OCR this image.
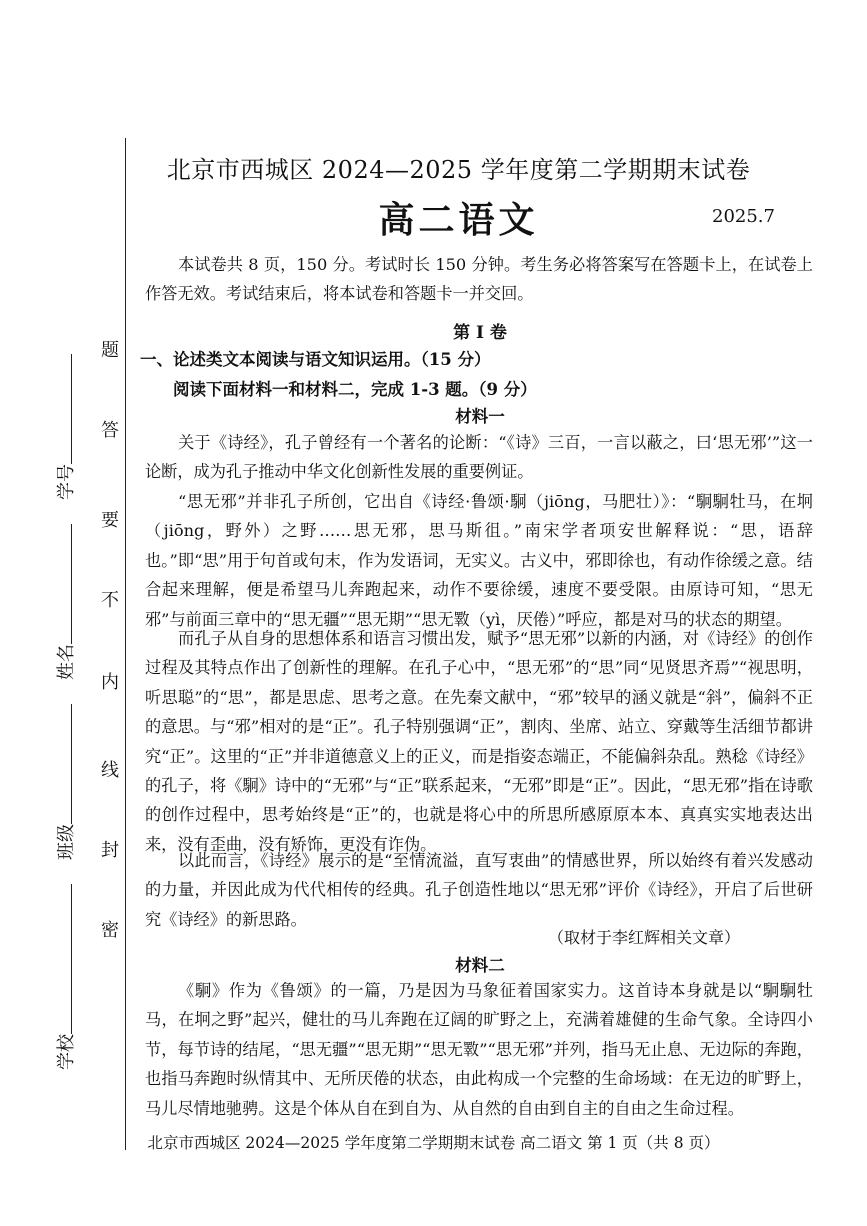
题
答
要
不
内
线
封
密
学号
姓名
班级
学校
北京市西城区 2024—2025 学年度第二学期期末试卷
高二语文	2025.7
本试卷共 8 页，150 分。考试时长 150 分钟。考生务必将答案写在答题卡上，在试卷上作答无效。考试结束后，将本试卷和答题卡一并交回。
第 I 卷
一、论述类文本阅读与语文知识运用。（15 分）
阅读下面材料一和材料二，完成 1-3 题。（9 分）
材料一
关于《诗经》，孔子曾经有一个著名的论断：“《诗》三百，一言以蔽之，曰‘思无邪’”这一论断，成为孔子推动中华文化创新性发展的重要例证。
“思无邪”并非孔子所创，它出自《诗经·鲁颂·駉（jiōng，马肥壮）》：“駉駉牡马，在坰（jiōng，野外）之野……思无邪，思马斯徂。”南宋学者项安世解释说：“思，语辞也。”即“思”用于句首或句末，作为发语词，无实义。古义中，邪即徐也，有动作徐缓之意。结合起来理解，便是希望马儿奔跑起来，动作不要徐缓，速度不要受限。由原诗可知，“思无邪”与前面三章中的“思无疆”“思无期”“思无斁（yì，厌倦）”呼应，都是对马的状态的期望。
而孔子从自身的思想体系和语言习惯出发，赋予“思无邪”以新的内涵，对《诗经》的创作过程及其特点作出了创新性的理解。在孔子心中，“思无邪”的“思”同“见贤思齐焉”“视思明，听思聪”的“思”，都是思虑、思考之意。在先秦文献中，“邪”较早的涵义就是“斜”，偏斜不正的意思。与“邪”相对的是“正”。孔子特别强调“正”，割肉、坐席、站立、穿戴等生活细节都讲究“正”。这里的“正”并非道德意义上的正义，而是指姿态端正，不能偏斜杂乱。熟稔《诗经》的孔子，将《駉》诗中的“无邪”与“正”联系起来，“无邪”即是“正”。因此，“思无邪”指在诗歌的创作过程中，思考始终是“正”的，也就是将心中的所思所感原原本本、真真实实地表达出来，没有歪曲，没有矫饰，更没有诈伪。
以此而言，《诗经》展示的是“至情流溢，直写衷曲”的情感世界，所以始终有着兴发感动的力量，并因此成为代代相传的经典。孔子创造性地以“思无邪”评价《诗经》，开启了后世研究《诗经》的新思路。
（取材于李红辉相关文章）
材料二
《駉》作为《鲁颂》的一篇，乃是因为马象征着国家实力。这首诗本身就是以“駉駉牡马，在坰之野”起兴，健壮的马儿奔跑在辽阔的旷野之上，充满着雄健的生命气象。全诗四小节，每节诗的结尾，“思无疆”“思无期”“思无斁”“思无邪”并列，指马无止息、无边际的奔跑，也指马奔跑时纵情其中、无所厌倦的状态，由此构成一个完整的生命场域：在无边的旷野上，马儿尽情地驰骋。这是个体从自在到自为、从自然的自由到自主的自由之生命过程。
北京市西城区 2024—2025 学年度第二学期期末试卷 高二语文 第 1 页（共 8 页）
